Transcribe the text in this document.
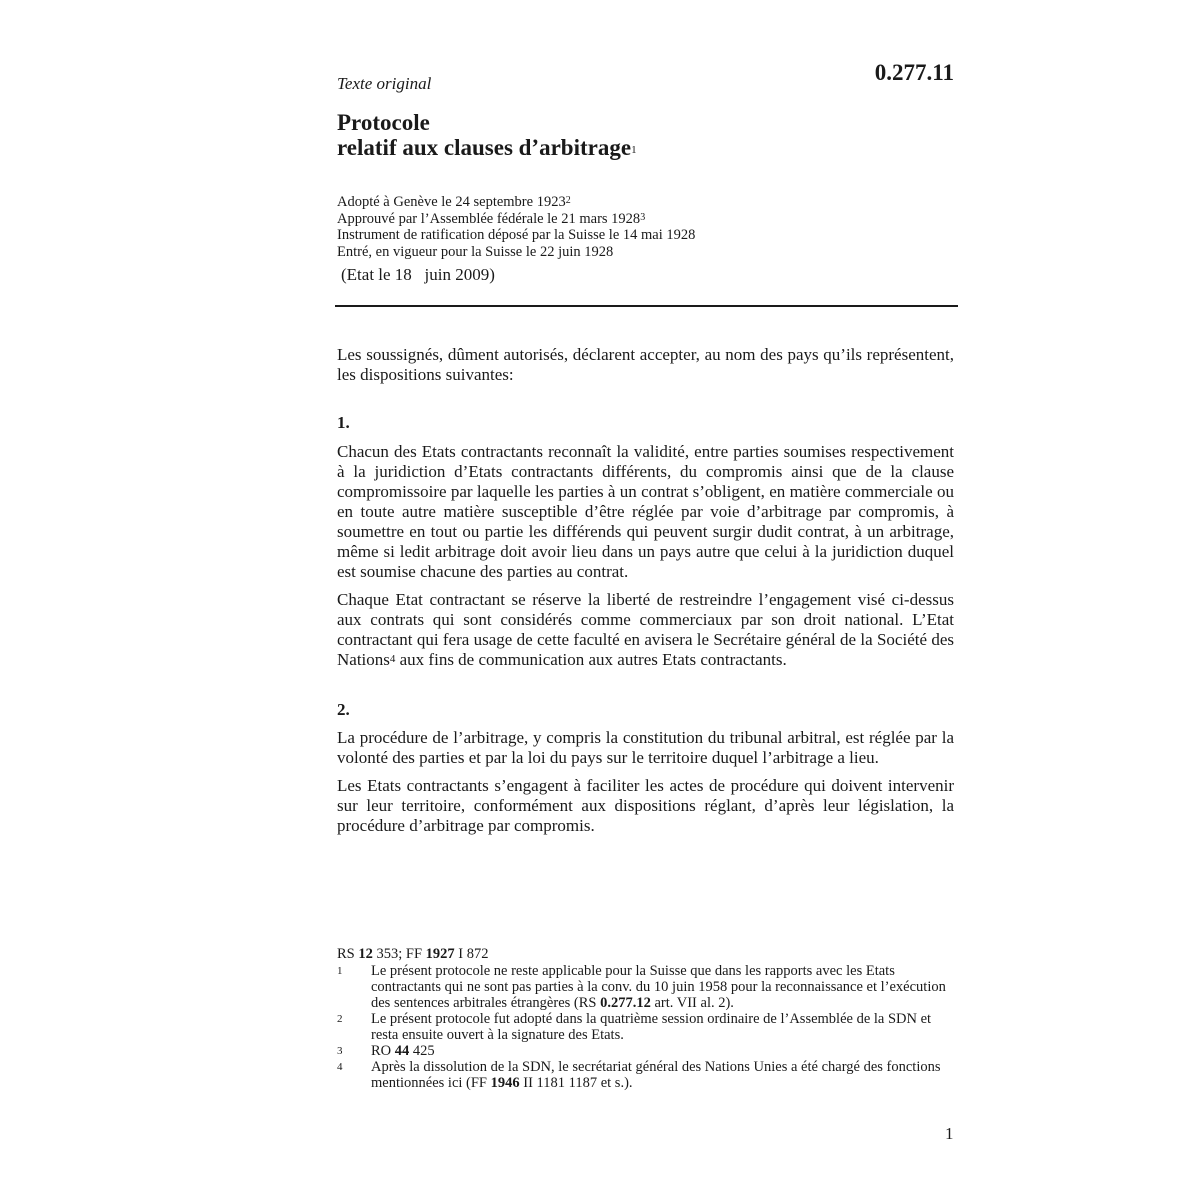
Texte original	0.277.11
Protocole
relatif aux clauses d’arbitrage$^1$
Adopté à Genève le 24 septembre 1923$^2$
Approuvé par l’Assemblée fédérale le 21 mars 1928$^3$
Instrument de ratification déposé par la Suisse le 14 mai 1928
Entré, en vigueur pour la Suisse le 22 juin 1928
(Etat le 18   juin 2009)

Les soussignés, dûment autorisés, déclarent accepter, au nom des pays qu’ils représentent, les dispositions suivantes:

1.

Chacun des Etats contractants reconnaît la validité, entre parties soumises respectivement à la juridiction d’Etats contractants différents, du compromis ainsi que de la clause compromissoire par laquelle les parties à un contrat s’obligent, en matière commerciale ou en toute autre matière susceptible d’être réglée par voie d’arbitrage par compromis, à soumettre en tout ou partie les différends qui peuvent surgir dudit contrat, à un arbitrage, même si ledit arbitrage doit avoir lieu dans un pays autre que celui à la juridiction duquel est soumise chacune des parties au contrat.

Chaque Etat contractant se réserve la liberté de restreindre l’engagement visé ci-dessus aux contrats qui sont considérés comme commerciaux par son droit national. L’Etat contractant qui fera usage de cette faculté en avisera le Secrétaire général de la Société des Nations$^4$ aux fins de communication aux autres Etats contractants.

2.

La procédure de l’arbitrage, y compris la constitution du tribunal arbitral, est réglée par la volonté des parties et par la loi du pays sur le territoire duquel l’arbitrage a lieu.

Les Etats contractants s’engagent à faciliter les actes de procédure qui doivent intervenir sur leur territoire, conformément aux dispositions réglant, d’après leur législation, la procédure d’arbitrage par compromis.

RS 12 353; FF 1927 I 872
1	Le présent protocole ne reste applicable pour la Suisse que dans les rapports avec les Etats contractants qui ne sont pas parties à la conv. du 10 juin 1958 pour la reconnaissance et l’exécution des sentences arbitrales étrangères (RS 0.277.12 art. VII al. 2).
2	Le présent protocole fut adopté dans la quatrième session ordinaire de l’Assemblée de la SDN et resta ensuite ouvert à la signature des Etats.
3	RO 44 425
4	Après la dissolution de la SDN, le secrétariat général des Nations Unies a été chargé des fonctions mentionnées ici (FF 1946 II 1181 1187 et s.).
1
